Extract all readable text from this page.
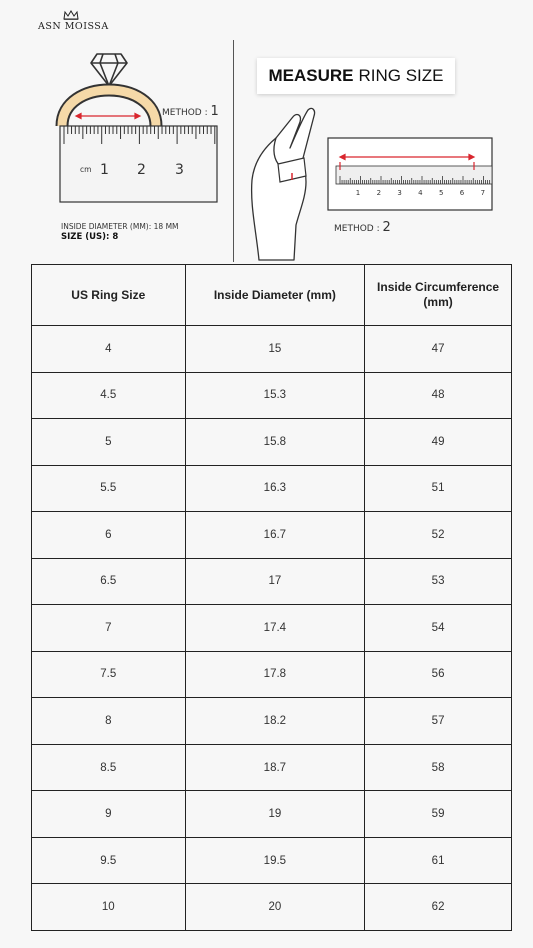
ASN MOISSA
cm 1 2 3
METHOD : 1
INSIDE DIAMETER (MM): 18 MM
SIZE (US): 8
MEASURE RING SIZE
1 2 3 4 5 6 7
METHOD : 2
US Ring Size	Inside Diameter (mm)	Inside Circumference (mm)
4	15	47
4.5	15.3	48
5	15.8	49
5.5	16.3	51
6	16.7	52
6.5	17	53
7	17.4	54
7.5	17.8	56
8	18.2	57
8.5	18.7	58
9	19	59
9.5	19.5	61
10	20	62
